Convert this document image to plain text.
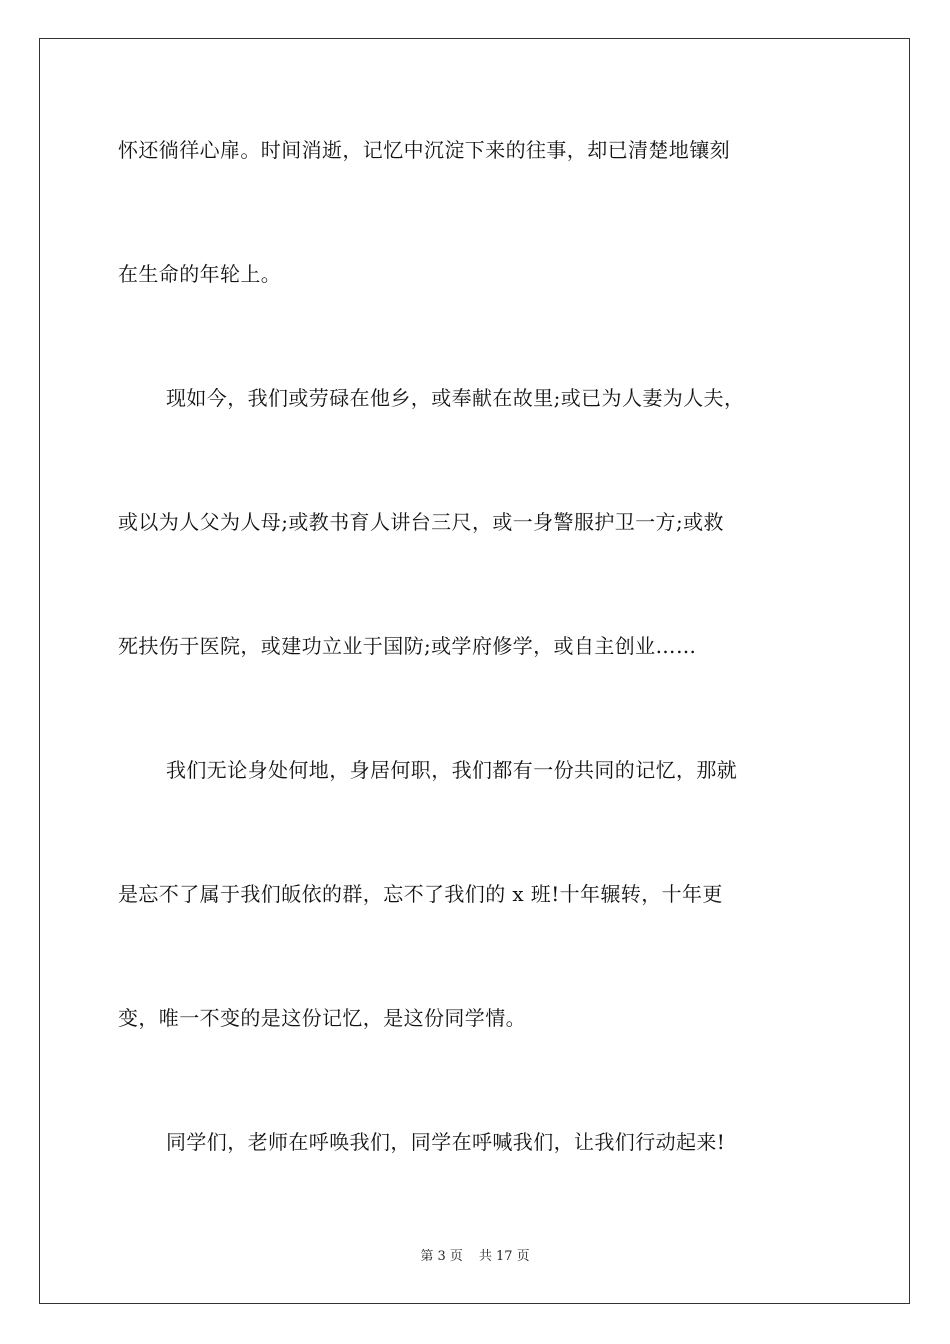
怀还徜徉心扉。时间消逝，记忆中沉淀下来的往事，却已清楚地镶刻

在生命的年轮上。

现如今，我们或劳碌在他乡，或奉献在故里;或已为人妻为人夫，

或以为人父为人母;或教书育人讲台三尺，或一身警服护卫一方;或救

死扶伤于医院，或建功立业于国防;或学府修学，或自主创业……

我们无论身处何地，身居何职，我们都有一份共同的记忆，那就

是忘不了属于我们皈依的群，忘不了我们的 x 班!十年辗转，十年更

变，唯一不变的是这份记忆，是这份同学情。

同学们，老师在呼唤我们，同学在呼喊我们，让我们行动起来!

第 3 页 共 17 页
